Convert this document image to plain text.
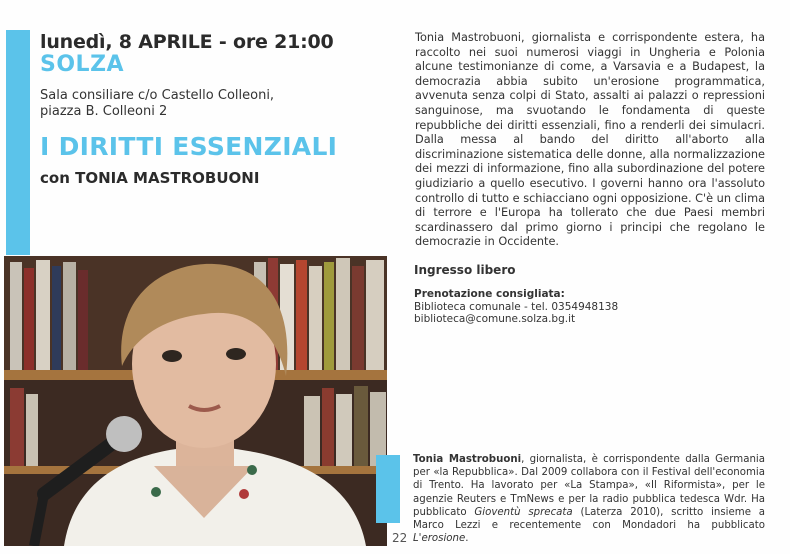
lunedì, 8 APRILE - ore 21:00
SOLZA
Sala consiliare c/o Castello Colleoni,
piazza B. Colleoni 2
I DIRITTI ESSENZIALI
con TONIA MASTROBUONI

Tonia Mastrobuoni, giornalista e corrispondente estera, ha raccolto nei suoi numerosi viaggi in Ungheria e Polonia alcune testimonianze di come, a Varsavia e a Budapest, la democrazia abbia subito un'erosione programmatica, avvenuta senza colpi di Stato, assalti ai palazzi o repressioni sanguinose, ma svuotando le fondamenta di queste repubbliche dei diritti essenziali, fino a renderli dei simulacri. Dalla messa al bando del diritto all'aborto alla discriminazione sistematica delle donne, alla normalizzazione dei mezzi di informazione, fino alla subordinazione del potere giudiziario a quello esecutivo. I governi hanno ora l'assoluto controllo di tutto e schiacciano ogni opposizione. C'è un clima di terrore e l'Europa ha tollerato che due Paesi membri scardinassero dal primo giorno i principi che regolano le democrazie in Occidente.

Ingresso libero
Prenotazione consigliata:
Biblioteca comunale - tel. 0354948138
biblioteca@comune.solza.bg.it

Tonia Mastrobuoni, giornalista, è corrispondente dalla Germania per «la Repubblica». Dal 2009 collabora con il Festival dell'economia di Trento. Ha lavorato per «La Stampa», «Il Riformista», per le agenzie Reuters e TmNews e per la radio pubblica tedesca Wdr. Ha pubblicato Gioventù sprecata (Laterza 2010), scritto insieme a Marco Lezzi e recentemente con Mondadori ha pubblicato L'erosione.

22
